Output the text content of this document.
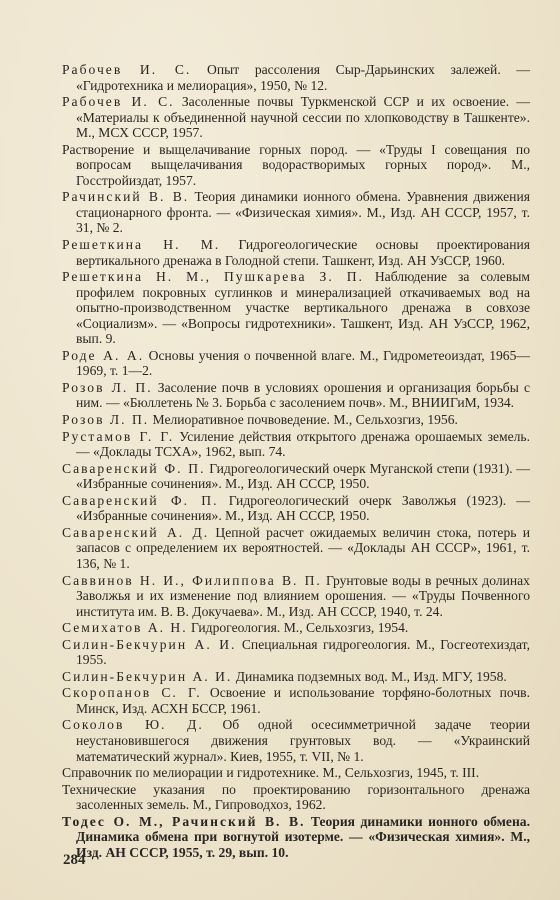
Рабочев И. С. Опыт рассоления Сыр-Дарьинских залежей. — «Гидротехника и мелиорация», 1950, № 12.

Рабочев И. С. Засоленные почвы Туркменской ССР и их освоение. — «Материалы к объединенной научной сессии по хлопководству в Ташкенте». М., МСХ СССР, 1957.

Растворение и выщелачивание горных пород. — «Труды I совещания по вопросам выщелачивания водорастворимых горных пород». М., Госстройиздат, 1957.

Рачинский В. В. Теория динамики ионного обмена. Уравнения движения стационарного фронта. — «Физическая химия». М., Изд. АН СССР, 1957, т. 31, № 2.

Решеткина Н. М. Гидрогеологические основы проектирования вертикального дренажа в Голодной степи. Ташкент, Изд. АН УзССР, 1960.

Решеткина Н. М., Пушкарева З. П. Наблюдение за солевым профилем покровных суглинков и минерализацией откачиваемых вод на опытно-производственном участке вертикального дренажа в совхозе «Социализм». — «Вопросы гидротехники». Ташкент, Изд. АН УзССР, 1962, вып. 9.

Роде А. А. Основы учения о почвенной влаге. М., Гидрометеоиздат, 1965—1969, т. 1—2.

Розов Л. П. Засоление почв в условиях орошения и организация борьбы с ним. — «Бюллетень № 3. Борьба с засолением почв». М., ВНИИГиМ, 1934.

Розов Л. П. Мелиоративное почвоведение. М., Сельхозгиз, 1956.

Рустамов Г. Г. Усиление действия открытого дренажа орошаемых земель. — «Доклады ТСХА», 1962, вып. 74.

Саваренский Ф. П. Гидрогеологический очерк Муганской степи (1931). — «Избранные сочинения». М., Изд. АН СССР, 1950.

Саваренский Ф. П. Гидрогеологический очерк Заволжья (1923). — «Избранные сочинения». М., Изд. АН СССР, 1950.

Саваренский А. Д. Цепной расчет ожидаемых величин стока, потерь и запасов с определением их вероятностей. — «Доклады АН СССР», 1961, т. 136, № 1.

Саввинов Н. И., Филиппова В. П. Грунтовые воды в речных долинах Заволжья и их изменение под влиянием орошения. — «Труды Почвенного института им. В. В. Докучаева». М., Изд. АН СССР, 1940, т. 24.

Семихатов А. Н. Гидрогеология. М., Сельхозгиз, 1954.

Силин-Бекчурин А. И. Специальная гидрогеология. М., Госгеотехиздат, 1955.

Силин-Бекчурин А. И. Динамика подземных вод. М., Изд. МГУ, 1958.

Скоропанов С. Г. Освоение и использование торфяно-болотных почв. Минск, Изд. АСХН БССР, 1961.

Соколов Ю. Д. Об одной осесимметричной задаче теории неустановившегося движения грунтовых вод. — «Украинский математический журнал». Киев, 1955, т. VII, № 1.

Справочник по мелиорации и гидротехнике. М., Сельхозгиз, 1945, т. III.

Технические указания по проектированию горизонтального дренажа засоленных земель. М., Гипроводхоз, 1962.

Тодес О. М., Рачинский В. В. Теория динамики ионного обмена. Динамика обмена при вогнутой изотерме. — «Физическая химия». М., Изд. АН СССР, 1955, т. 29, вып. 10.

284
